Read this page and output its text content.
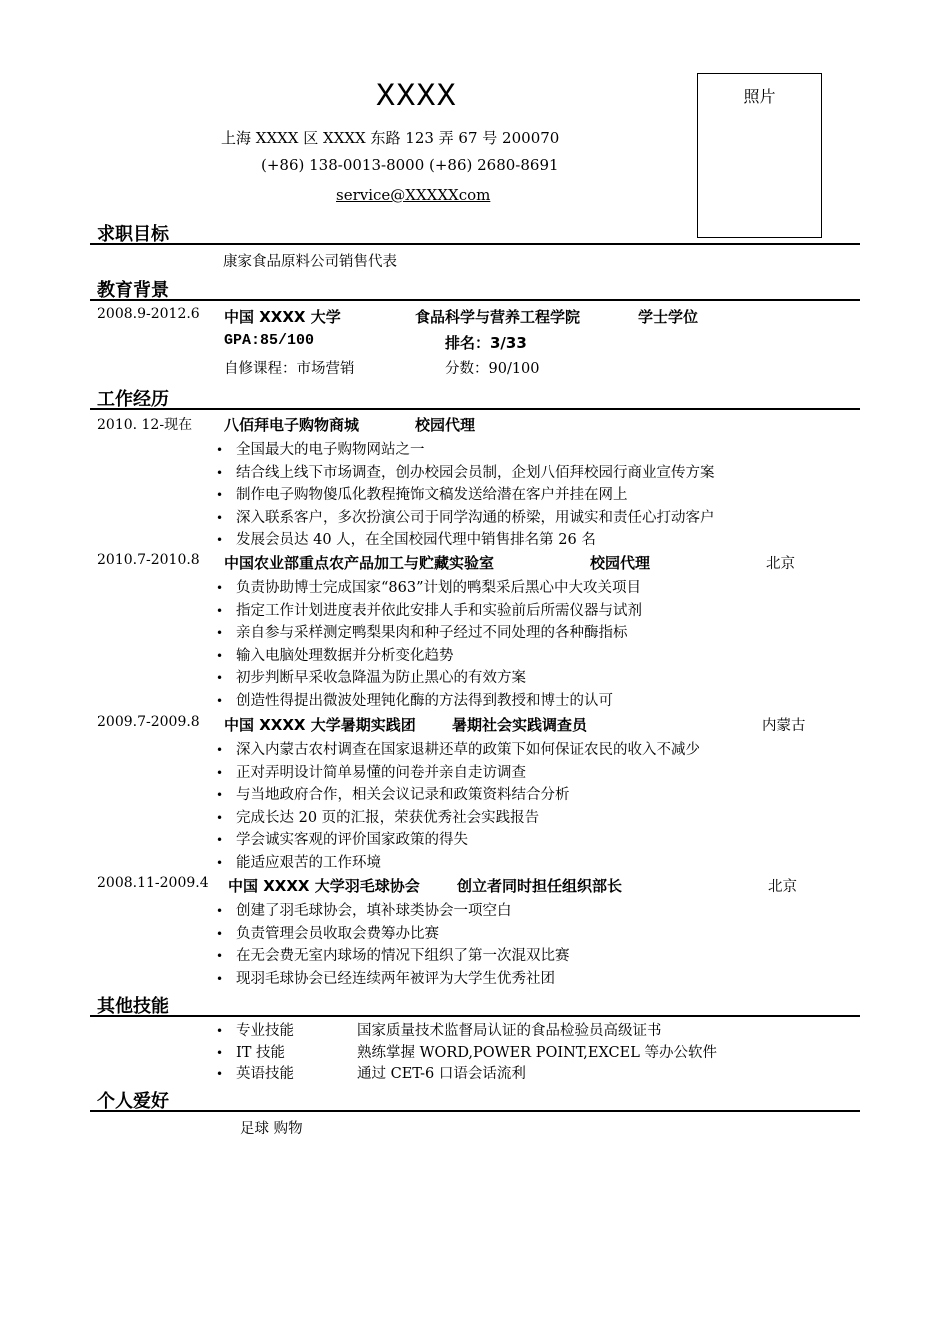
XXXX
上海 XXXX 区 XXXX 东路 123 弄 67 号 200070
(+86) 138-0013-8000 (+86) 2680-8691
service@XXXXXcom
照片
求职目标
康家食品原料公司销售代表
教育背景
2008.9-2012.6 中国 XXXX 大学	食品科学与营养工程学院	学士学位
GPA:85/100	排名：3/33
自修课程：市场营销	分数：90/100
工作经历
2010. 12-现在 八佰拜电子购物商城	校园代理
• 全国最大的电子购物网站之一
• 结合线上线下市场调查，创办校园会员制，企划八佰拜校园行商业宣传方案
• 制作电子购物傻瓜化教程掩饰文稿发送给潜在客户并挂在网上
• 深入联系客户，多次扮演公司于同学沟通的桥梁，用诚实和责任心打动客户
• 发展会员达 40 人，在全国校园代理中销售排名第 26 名
2010.7-2010.8 中国农业部重点农产品加工与贮藏实验室	校园代理	北京
• 负责协助博士完成国家“863”计划的鸭梨采后黑心中大攻关项目
• 指定工作计划进度表并依此安排人手和实验前后所需仪器与试剂
• 亲自参与采样测定鸭梨果肉和种子经过不同处理的各种酶指标
• 输入电脑处理数据并分析变化趋势
• 初步判断早采收急降温为防止黑心的有效方案
• 创造性得提出微波处理钝化酶的方法得到教授和博士的认可
2009.7-2009.8 中国 XXXX 大学暑期实践团 暑期社会实践调查员	内蒙古
• 深入内蒙古农村调查在国家退耕还草的政策下如何保证农民的收入不减少
• 正对弄明设计简单易懂的问卷并亲自走访调查
• 与当地政府合作，相关会议记录和政策资料结合分析
• 完成长达 20 页的汇报，荣获优秀社会实践报告
• 学会诚实客观的评价国家政策的得失
• 能适应艰苦的工作环境
2008.11-2009.4 中国 XXXX 大学羽毛球协会 创立者同时担任组织部长	北京
• 创建了羽毛球协会，填补球类协会一项空白
• 负责管理会员收取会费筹办比赛
• 在无会费无室内球场的情况下组织了第一次混双比赛
• 现羽毛球协会已经连续两年被评为大学生优秀社团
其他技能
• 专业技能	国家质量技术监督局认证的食品检验员高级证书
• IT 技能	熟练掌握 WORD,POWER POINT,EXCEL 等办公软件
• 英语技能	通过 CET-6 口语会话流利
个人爱好
足球 购物
